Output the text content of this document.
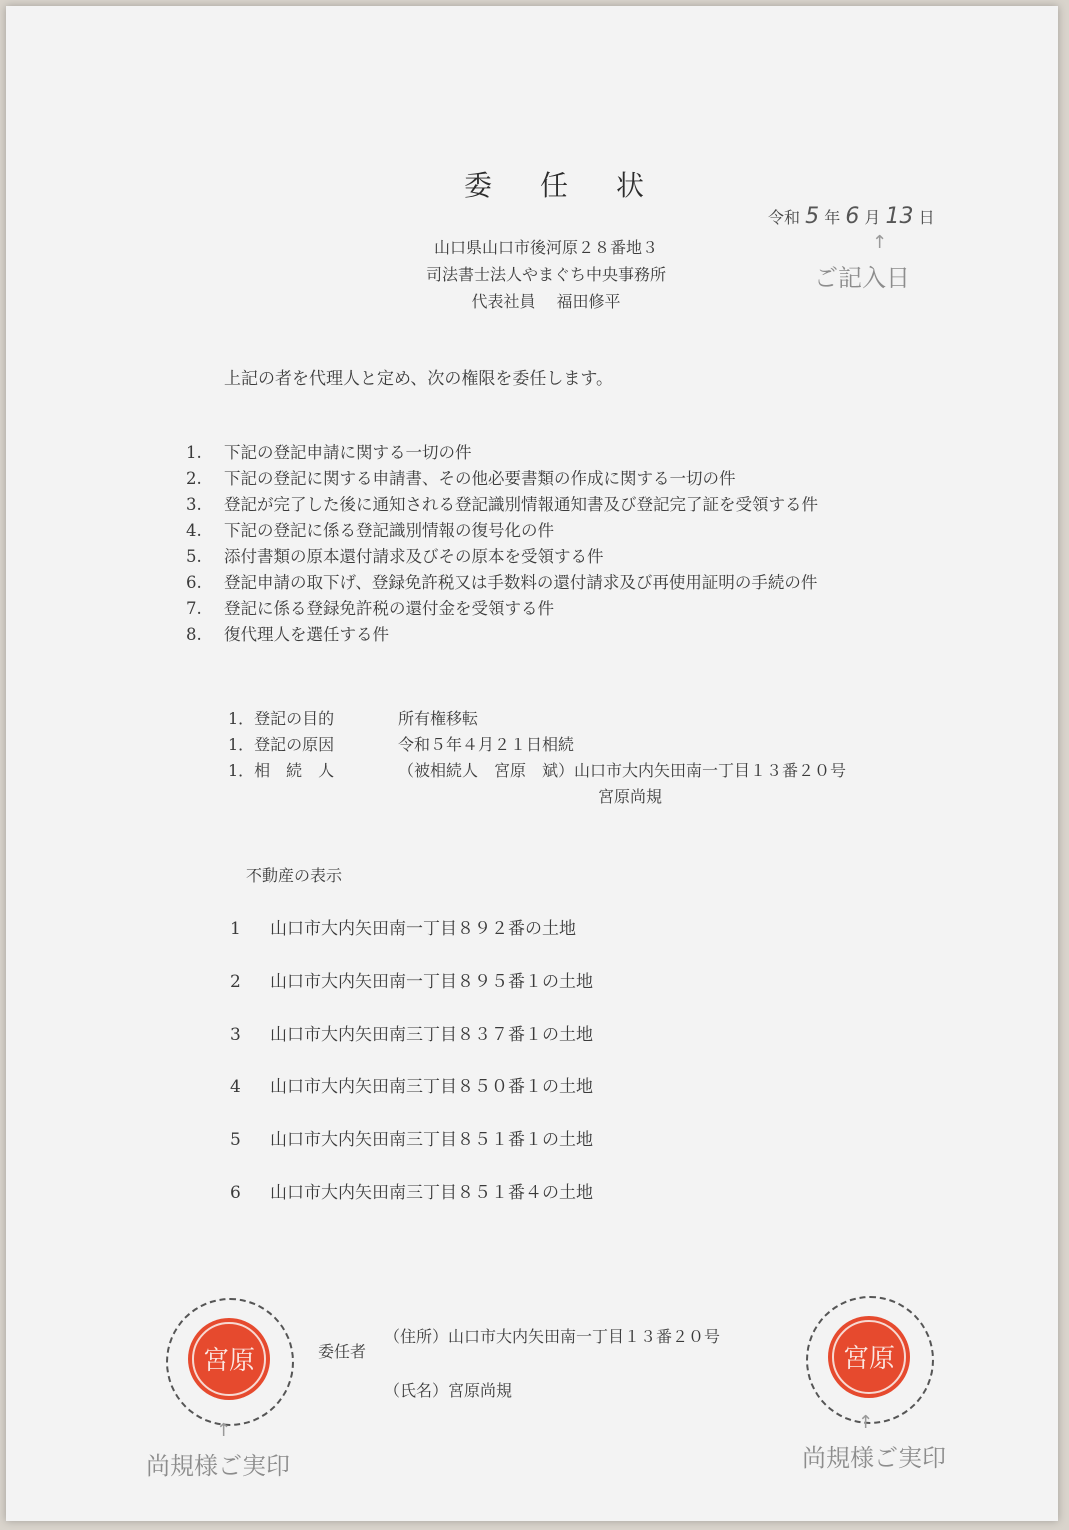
委任状
令和 5 年 6 月 13 日
↑
ご記入日
山口県山口市後河原２８番地３
司法書士法人やまぐち中央事務所
代表社員　 福田修平
上記の者を代理人と定め、次の権限を委任します。
1. 下記の登記申請に関する一切の件
2. 下記の登記に関する申請書、その他必要書類の作成に関する一切の件
3. 登記が完了した後に通知される登記識別情報通知書及び登記完了証を受領する件
4. 下記の登記に係る登記識別情報の復号化の件
5. 添付書類の原本還付請求及びその原本を受領する件
6. 登記申請の取下げ、登録免許税又は手数料の還付請求及び再使用証明の手続の件
7. 登記に係る登録免許税の還付金を受領する件
8. 復代理人を選任する件
1．登記の目的	所有権移転
1．登記の原因	令和５年４月２１日相続
1．相　続　人	（被相続人　宮原　斌）山口市大内矢田南一丁目１３番２０号
宮原尚規
不動産の表示
1 山口市大内矢田南一丁目８９２番の土地
2 山口市大内矢田南一丁目８９５番１の土地
3 山口市大内矢田南三丁目８３７番１の土地
4 山口市大内矢田南三丁目８５０番１の土地
5 山口市大内矢田南三丁目８５１番１の土地
6 山口市大内矢田南三丁目８５１番４の土地
委任者
（住所）山口市大内矢田南一丁目１３番２０号
（氏名）宮原尚規
宮原
↑
尚規様ご実印
宮原
↑
尚規様ご実印
